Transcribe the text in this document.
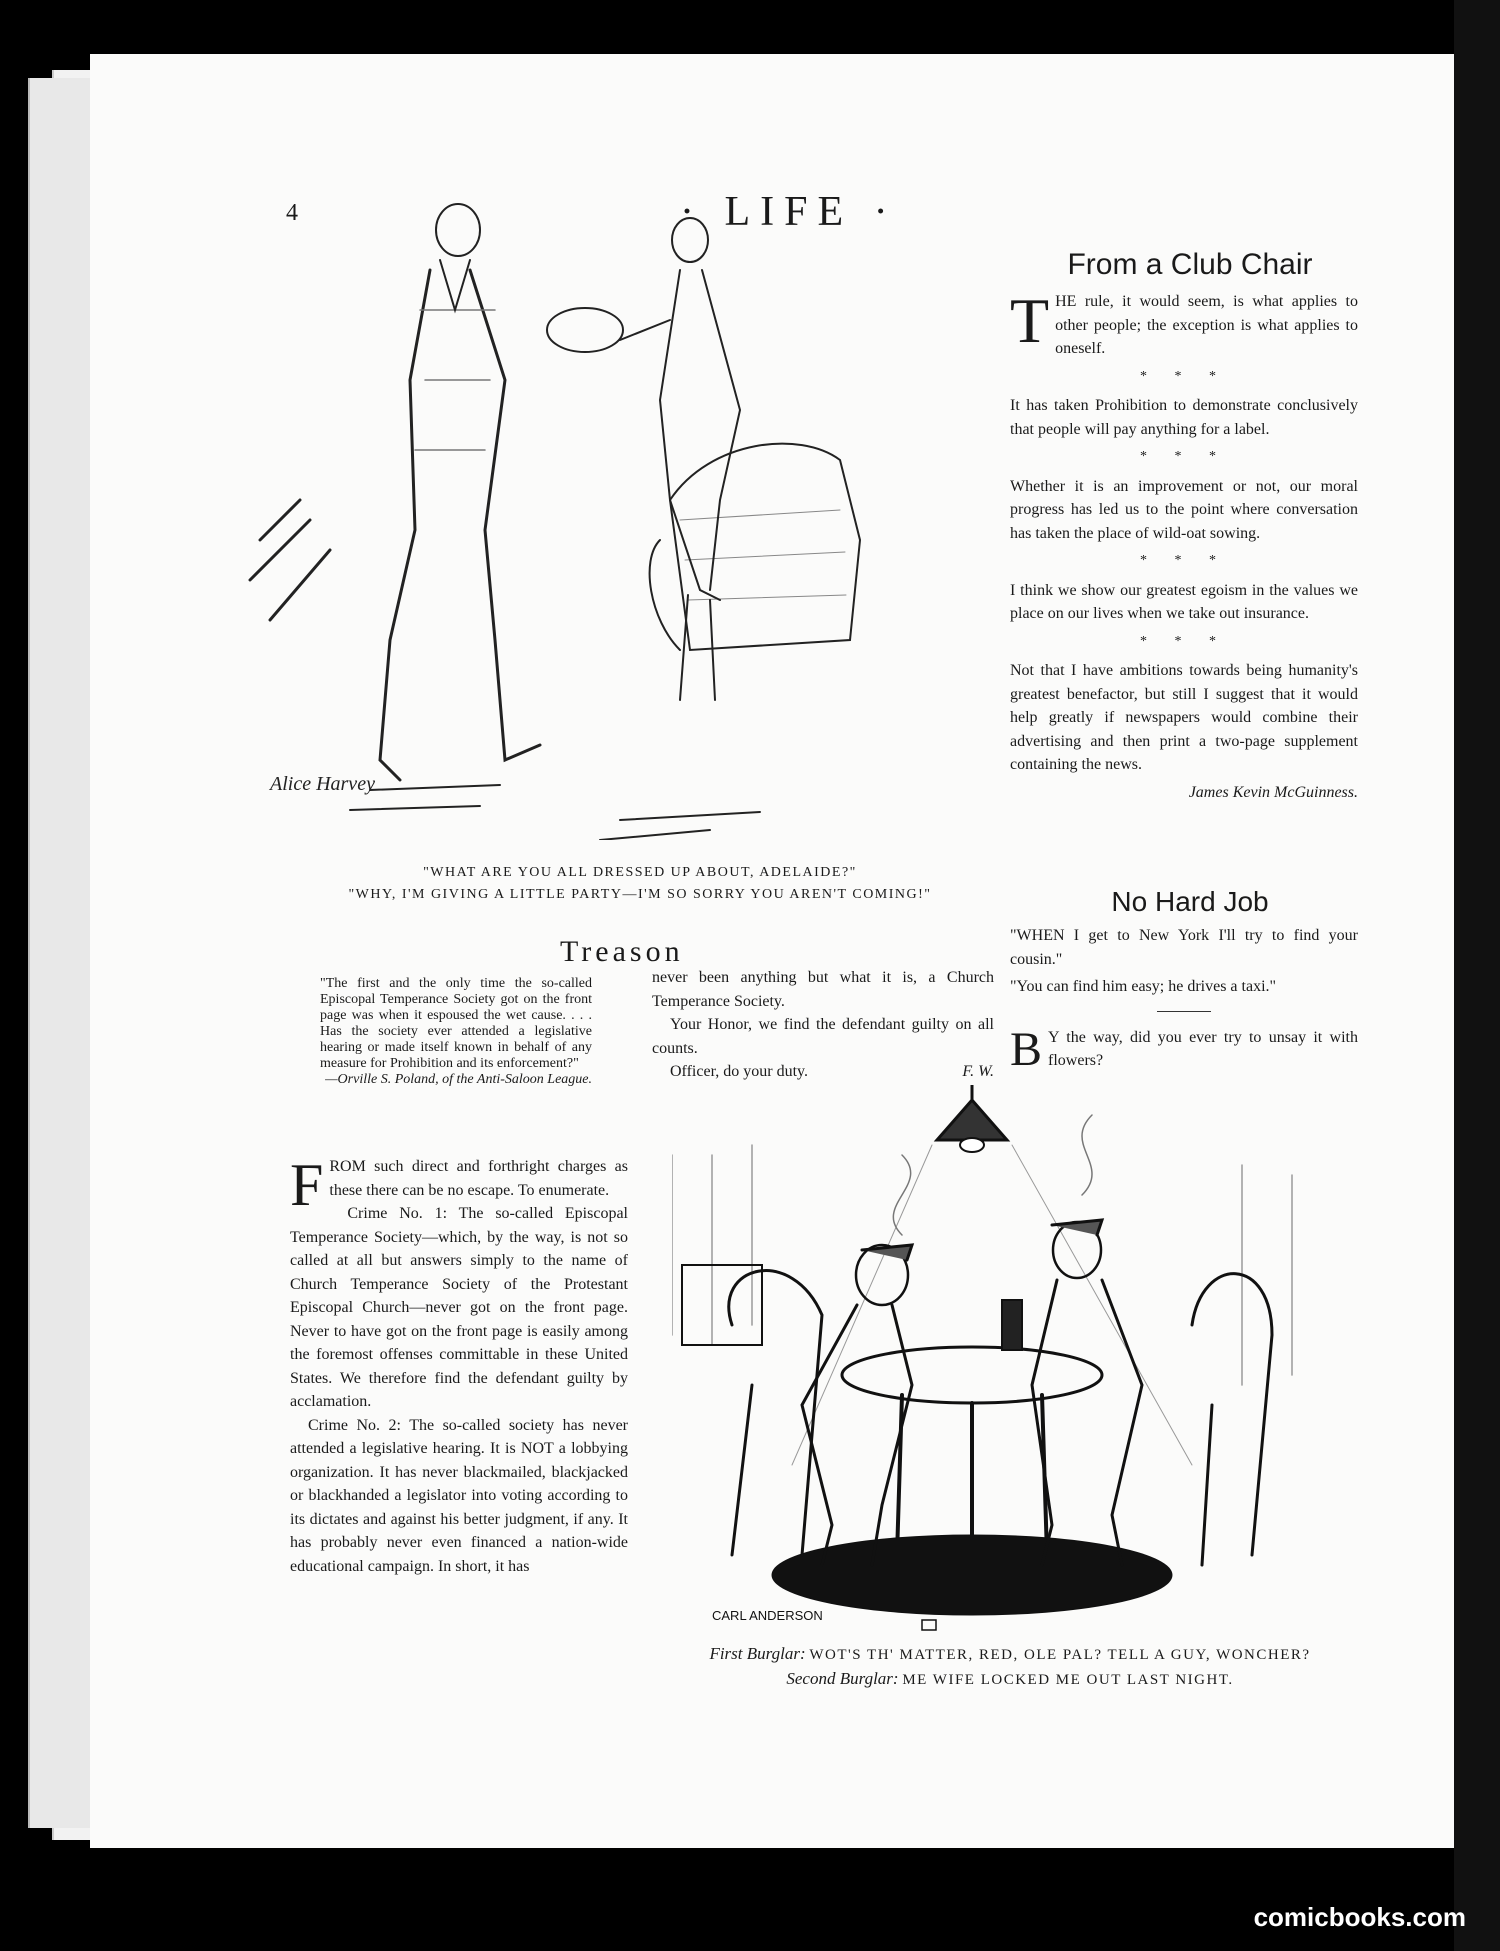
4	· LIFE ·
Alice Harvey
"WHAT ARE YOU ALL DRESSED UP ABOUT, ADELAIDE?"
"WHY, I'M GIVING A LITTLE PARTY—I'M SO SORRY YOU AREN'T COMING!"
From a Club Chair

THE rule, it would seem, is what applies to other people; the exception is what applies to oneself.

* * *

It has taken Prohibition to demonstrate conclusively that people will pay anything for a label.

* * *

Whether it is an improvement or not, our moral progress has led us to the point where conversation has taken the place of wild-oat sowing.

* * *

I think we show our greatest egoism in the values we place on our lives when we take out insurance.

* * *

Not that I have ambitions towards being humanity's greatest benefactor, but still I suggest that it would help greatly if newspapers would combine their advertising and then print a two-page supplement containing the news.

James Kevin McGuinness.

No Hard Job

"WHEN I get to New York I'll try to find your cousin."

"You can find him easy; he drives a taxi."

B Y the way, did you ever try to unsay it with flowers?

Treason
"The first and the only time the so-called Episcopal Temperance Society got on the front page was when it espoused the wet cause. . . . Has the society ever attended a legislative hearing or made itself known in behalf of any measure for Prohibition and its enforcement?"
—Orville S. Poland, of the Anti-Saloon League.

FROM such direct and forthright charges as these there can be no escape. To enumerate.

Crime No. 1: The so-called Episcopal Temperance Society—which, by the way, is not so called at all but answers simply to the name of Church Temperance Society of the Protestant Episcopal Church—never got on the front page. Never to have got on the front page is easily among the foremost offenses committable in these United States. We therefore find the defendant guilty by acclamation.

Crime No. 2: The so-called society has never attended a legislative hearing. It is NOT a lobbying organization. It has never blackmailed, blackjacked or blackhanded a legislator into voting according to its dictates and against his better judgment, if any. It has probably never even financed a nation-wide educational campaign. In short, it has

never been anything but what it is, a Church Temperance Society.

Your Honor, we find the defendant guilty on all counts.

Officer, do your duty.	F. W.

CARL ANDERSON
First Burglar: WOT'S TH' MATTER, RED, OLE PAL? TELL A GUY, WONCHER?
Second Burglar: ME WIFE LOCKED ME OUT LAST NIGHT.
comicbooks.com
